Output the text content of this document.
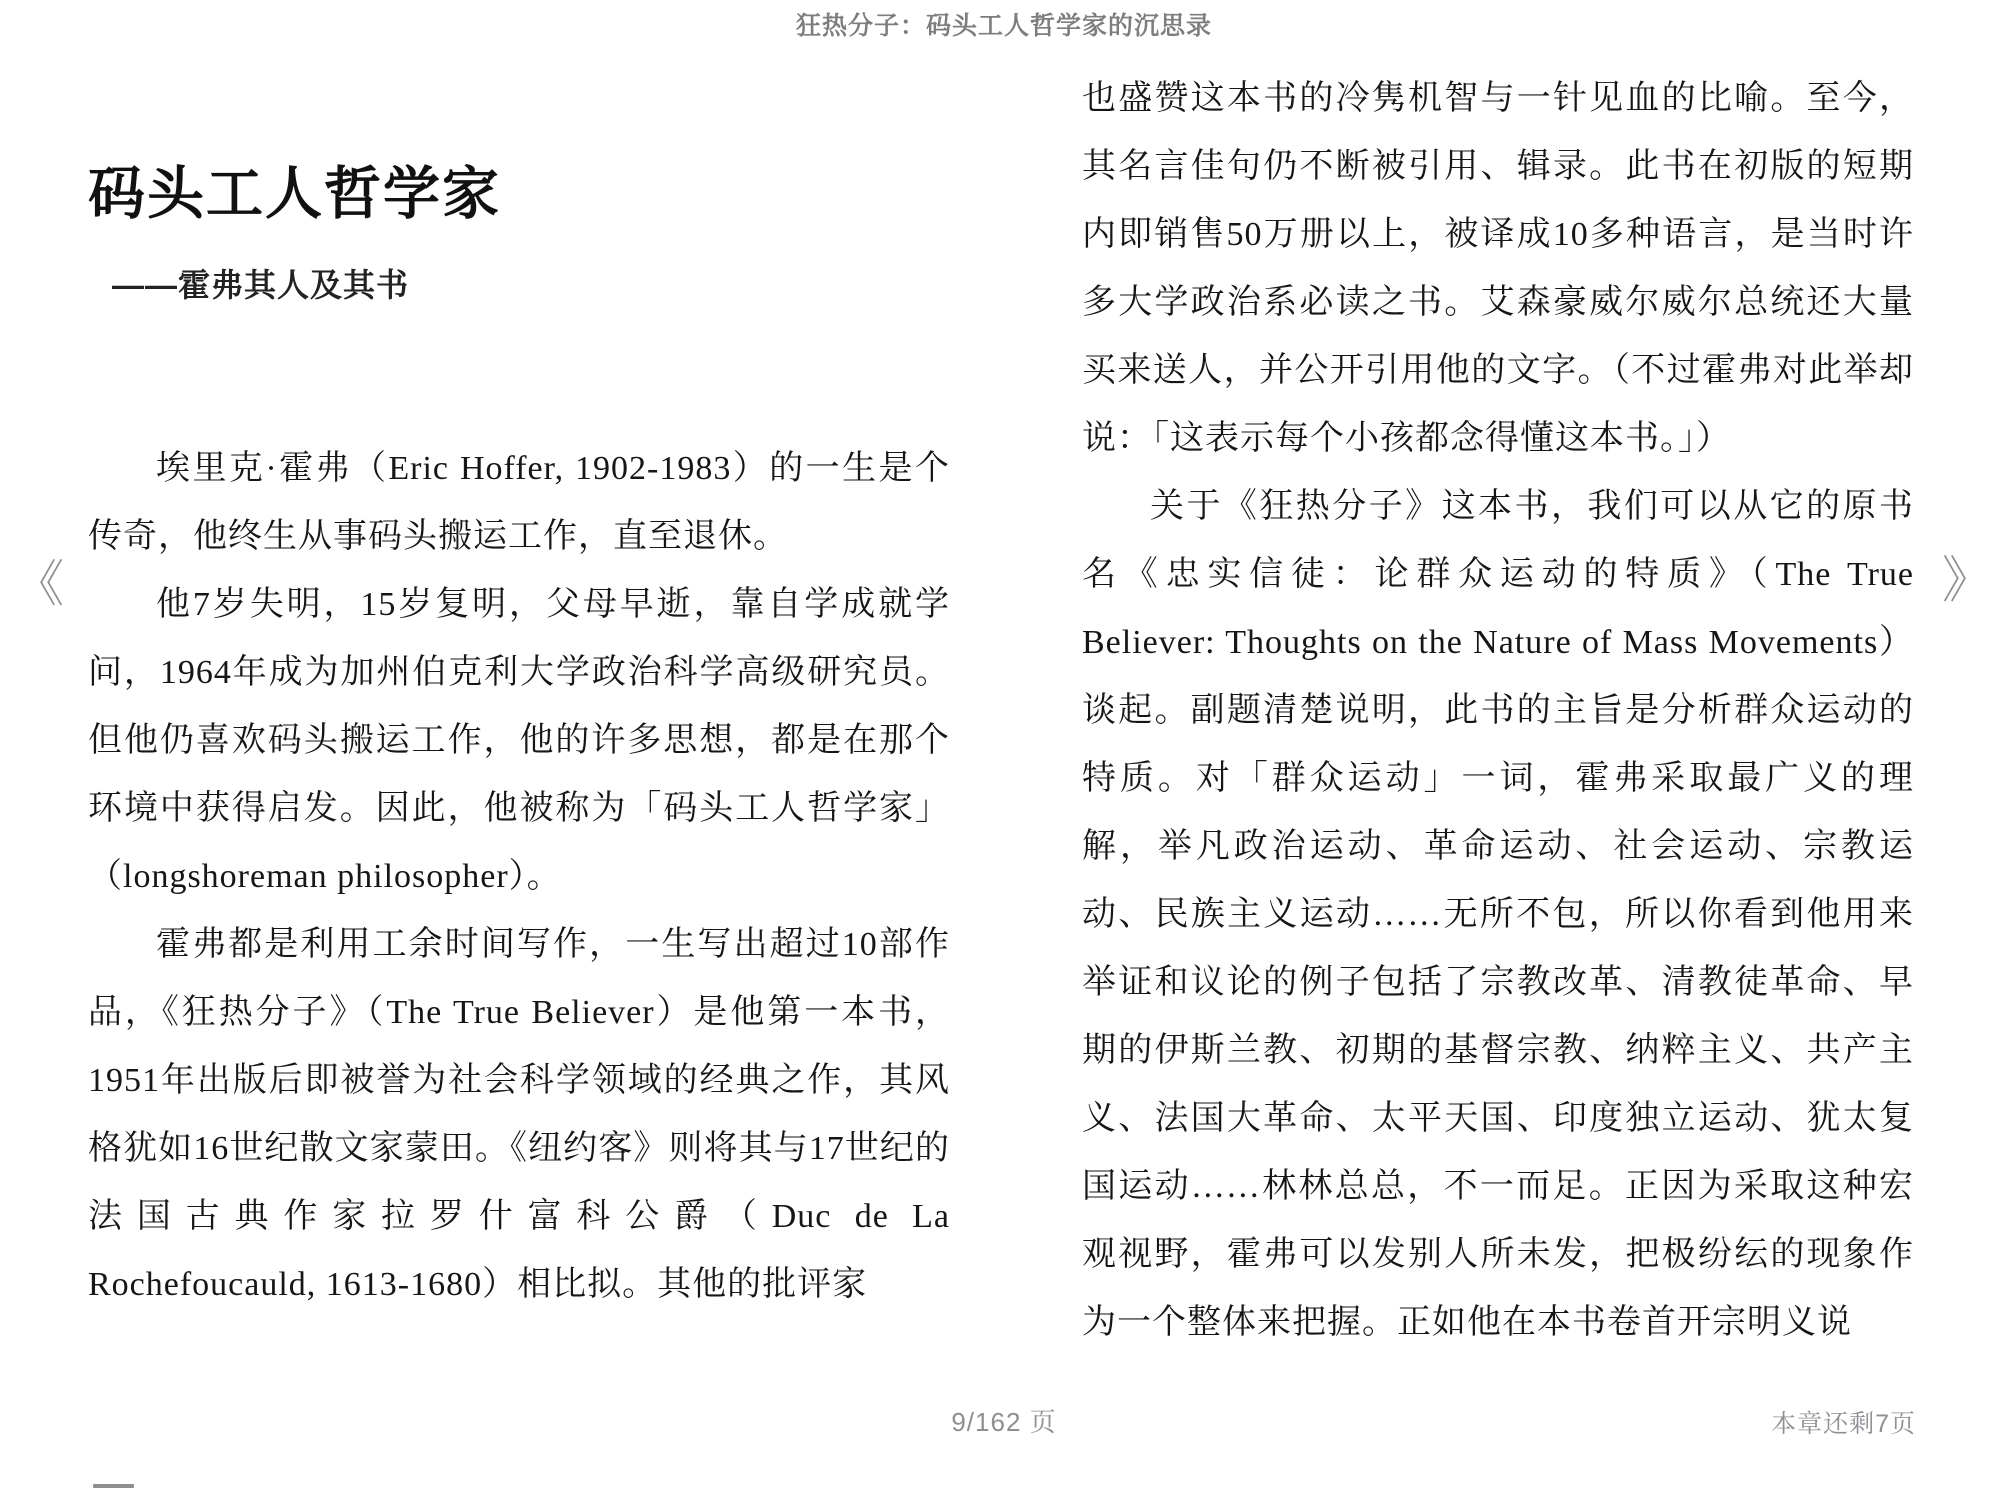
狂热分子：码头工人哲学家的沉思录
《	》
码头工人哲学家
——霍弗其人及其书

埃里克·霍弗（Eric Hoffer, 1902-1983）的一生是个传奇，他终生从事码头搬运工作，直至退休。

他7岁失明，15岁复明，父母早逝，靠自学成就学问，1964年成为加州伯克利大学政治科学高级研究员。但他仍喜欢码头搬运工作，他的许多思想，都是在那个环境中获得启发。因此，他被称为「码头工人哲学家」（longshoreman philosopher）。

霍弗都是利用工余时间写作，一生写出超过10部作品，《狂热分子》（The True Believer）是他第一本书，1951年出版后即被誉为社会科学领域的经典之作，其风格犹如16世纪散文家蒙田。《纽约客》则将其与17世纪的法国古典作家拉罗什富科公爵（Duc de La Rochefoucauld, 1613-1680）相比拟。其他的批评家

也盛赞这本书的冷隽机智与一针见血的比喻。至今，其名言佳句仍不断被引用、辑录。此书在初版的短期内即销售50万册以上，被译成10多种语言，是当时许多大学政治系必读之书。艾森豪威尔威尔总统还大量买来送人，并公开引用他的文字。（不过霍弗对此举却说：「这表示每个小孩都念得懂这本书。」）

关于《狂热分子》这本书，我们可以从它的原书名《忠实信徒：论群众运动的特质》（The True Believer: Thoughts on the Nature of Mass Movements）谈起。副题清楚说明，此书的主旨是分析群众运动的特质。对「群众运动」一词，霍弗采取最广义的理解，举凡政治运动、革命运动、社会运动、宗教运动、民族主义运动……无所不包，所以你看到他用来举证和议论的例子包括了宗教改革、清教徒革命、早期的伊斯兰教、初期的基督宗教、纳粹主义、共产主义、法国大革命、太平天国、印度独立运动、犹太复国运动……林林总总，不一而足。正因为采取这种宏观视野，霍弗可以发别人所未发，把极纷纭的现象作为一个整体来把握。正如他在本书卷首开宗明义说

9/162 页	本章还剩7页
